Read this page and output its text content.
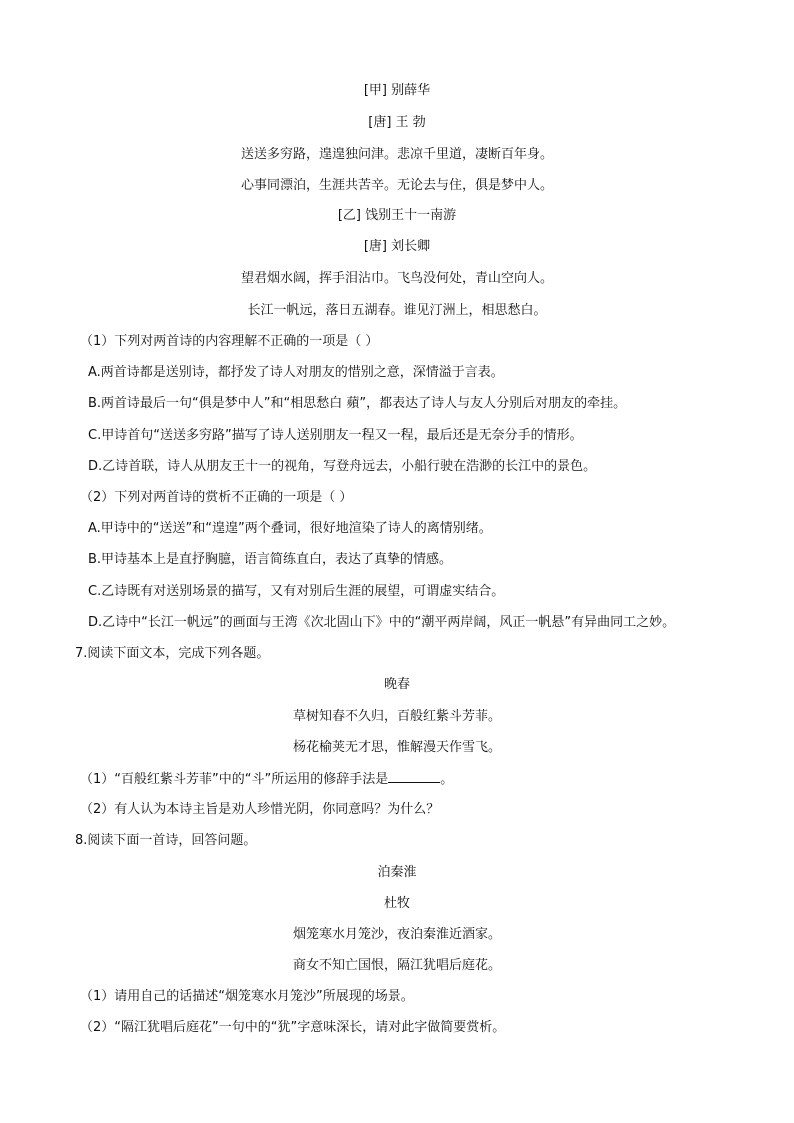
[甲] 别薛华
[唐] 王 勃
送送多穷路，遑遑独问津。悲凉千里道，凄断百年身。
心事同漂泊，生涯共苦辛。无论去与住，俱是梦中人。
[乙] 饯别王十一南游
[唐] 刘长卿
望君烟水阔，挥手泪沾巾。飞鸟没何处，青山空向人。
长江一帆远，落日五湖春。谁见汀洲上，相思愁白。
（1）下列对两首诗的内容理解不正确的一项是（ ）
A.两首诗都是送别诗，都抒发了诗人对朋友的惜别之意，深情溢于言表。
B.两首诗最后一句“俱是梦中人”和“相思愁白 蘋”，都表达了诗人与友人分别后对朋友的牵挂。
C.甲诗首句“送送多穷路”描写了诗人送别朋友一程又一程，最后还是无奈分手的情形。
D.乙诗首联，诗人从朋友王十一的视角，写登舟远去，小船行驶在浩渺的长江中的景色。
（2）下列对两首诗的赏析不正确的一项是（ ）
A.甲诗中的“送送”和“遑遑”两个叠词，很好地渲染了诗人的离情别绪。
B.甲诗基本上是直抒胸臆，语言简练直白，表达了真挚的情感。
C.乙诗既有对送别场景的描写，又有对别后生涯的展望，可谓虚实结合。
D.乙诗中“长江一帆远”的画面与王湾《次北固山下》中的“潮平两岸阔，风正一帆悬”有异曲同工之妙。
7.阅读下面文本，完成下列各题。
晚春
草树知春不久归，百般红紫斗芳菲。
杨花榆荚无才思，惟解漫天作雪飞。
（1）“百般红紫斗芳菲”中的“斗”所运用的修辞手法是	。
（2）有人认为本诗主旨是劝人珍惜光阴，你同意吗？为什么？
8.阅读下面一首诗，回答问题。
泊秦淮
杜牧
烟笼寒水月笼沙，夜泊秦淮近酒家。
商女不知亡国恨，隔江犹唱后庭花。
（1）请用自己的话描述“烟笼寒水月笼沙”所展现的场景。
（2）“隔江犹唱后庭花”一句中的“犹”字意味深长，请对此字做简要赏析。
